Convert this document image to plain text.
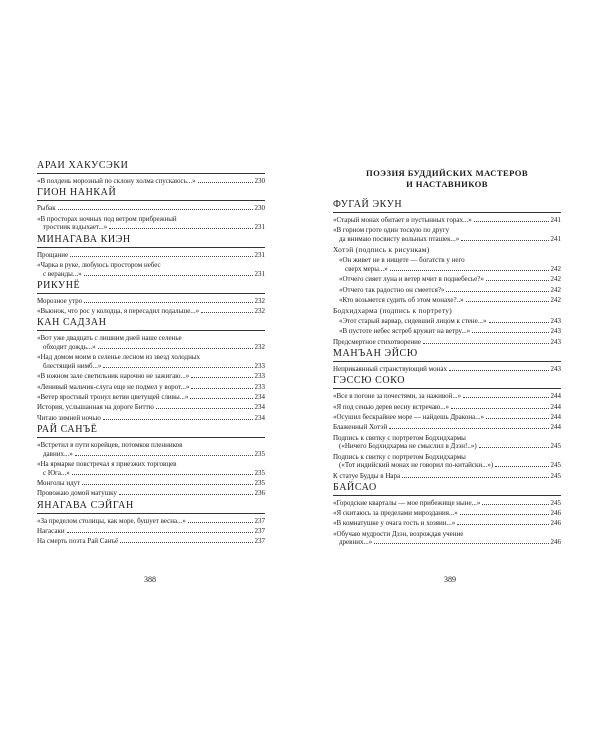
АРАИ ХАКУСЭКИ
«В полдень морозный по склону холма спускаюсь...»	230
ГИОН НАНКАЙ
Рыбак	230
«В просторах ночных под ветром прибрежный
тростник вздыхает...»	231
МИНАГАВА КИЭН
Прощание	231
«Чарка в руке, любуюсь простором небес
с веранды...»	231
РИКУНЁ
Морозное утро	232
«Вьюнок, что рос у колодца, я пересадил подальше...»	232
КАН САДЗАН
«Вот уже двадцать с лишним дней наше селенье
обходит дождь...»	232
«Над домом моим в селенье лесном из звезд холодных
блестящий нимб...»	233
«В южном зале светильник нарочно не зажигаю...»	233
«Ленивый мальчик-слуга еще не подмел у ворот...»	233
«Ветер яростный тронул ветви цветущей сливы...»	234
История, услышанная на дороге Биттю	234
Читаю зимней ночью	234
РАЙ САНЪЁ
«Встретил в пути корейцев, потомков пленников
давних...»	235
«На ярмарке повстречал я приезжих торговцев
с Юга...»	235
Монголы идут	235
Провожаю домой матушку	236
ЯНАГАВА СЭЙГАН
«За пределом столицы, как море, бушует весна...»	237
Нагасаки	237
На смерть поэта Рай Санъё	237
388
ПОЭЗИЯ БУДДИЙСКИХ МАСТЕРОВ
И НАСТАВНИКОВ
ФУГАЙ ЭКУН
«Старый монах обитает в пустынных горах...»	241
«В горном гроте один тоскую по другу
да внимаю посвисту вольных пташек...»	241
Хотэй (подпись к рисункам)
«Он живет не в нищете — богатств у него
сверх меры...»	242
«Отчего сияет луна и ветер мчит в поднебесье?»	242
«Отчего так радостно он смеется?»	242
«Кто возьмется судить об этом монахе?..»	242
Бодхидхарма (подпись к портрету)
«Этот старый варвар, сидевший лицом к стене...»	243
«В пустоте небес ястреб кружит на ветру...»	243
Предсмертное стихотворение	243
МАНЪАН ЭЙСЮ
Неприкаянный странствующий монах	243
ГЭССЮ СОКО
«Все в погоне за почестями, за наживой...»	244
«Я под сенью дерев весну встречаю...»	244
«Осушил бескрайнее море — найдешь Дракона...»	244
Блаженный Хотэй	244
Подпись к свитку с портретом Бодхидхармы
(«Ничего Бодхидхарма не смыслил в Дзэн!..»)	245
Подпись к свитку с портретом Бодхидхармы
(«Тот индийский монах не говорил по-китайски...»)	245
К статуе Будды в Нара	245
БАЙСАО
«Городские кварталы — мое прибежище ныне...»	245
«Я скитаюсь за пределами мироздания...»	246
«В комнатушке у очага гость и хозяин...»	246
«Обучаю мудрости Дзэн, возрождая учение
древних...»	246
389
